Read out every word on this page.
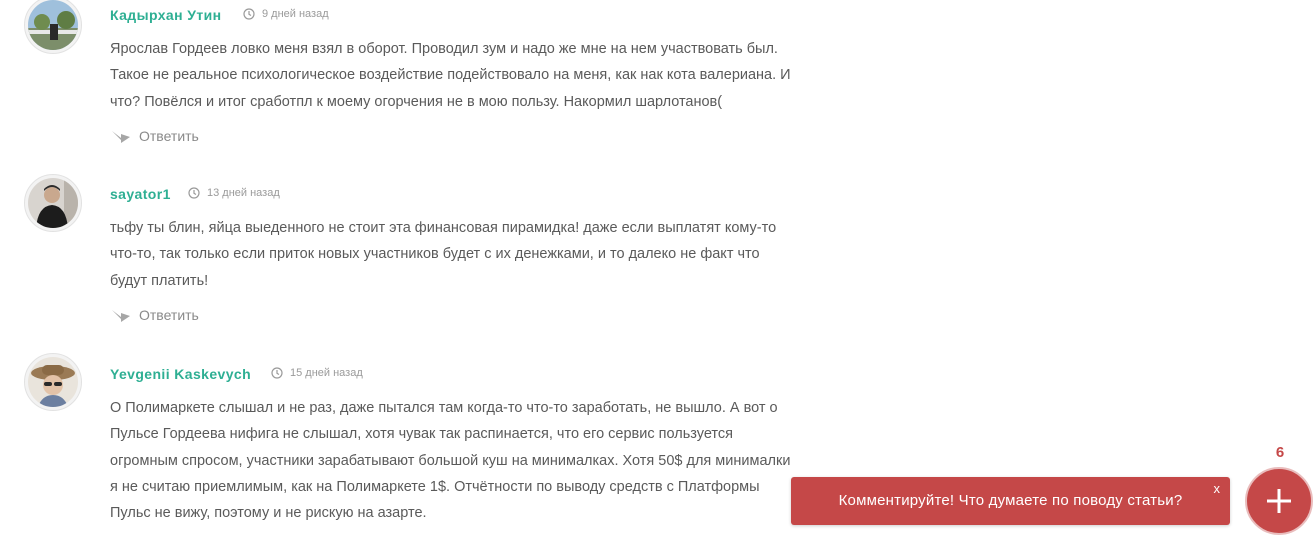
Кадырхан Утин	9 дней назад
Ярослав Гордеев ловко меня взял в оборот. Проводил зум и надо же мне на нем участвовать был.
Такое не реальное психологическое воздействие подействовало на меня, как нак кота валериана. И
что? Повёлся и итог сработпл к моему огорчения не в мою пользу. Накормил шарлотанов(
Ответить
sayator1	13 дней назад
тьфу ты блин, яйца выеденного не стоит эта финансовая пирамидка! даже если выплатят кому-то
что-то, так только если приток новых участников будет с их денежками, и то далеко не факт что
будут платить!
Ответить
Yevgenii Kaskevych	15 дней назад
О Полимаркете слышал и не раз, даже пытался там когда-то что-то заработать, не вышло. А вот о
Пульсе Гордеева нифига не слышал, хотя чувак так распинается, что его сервис пользуется
огромным спросом, участники зарабатывают большой куш на минималках. Хотя 50$ для минималки
я не считаю приемлимым, как на Полимаркете 1$. Отчётности по выводу средств с Платформы
Пульс не вижу, поэтому и не рискую на азарте.
6
Комментируйте! Что думаете по поводу статьи?
x
